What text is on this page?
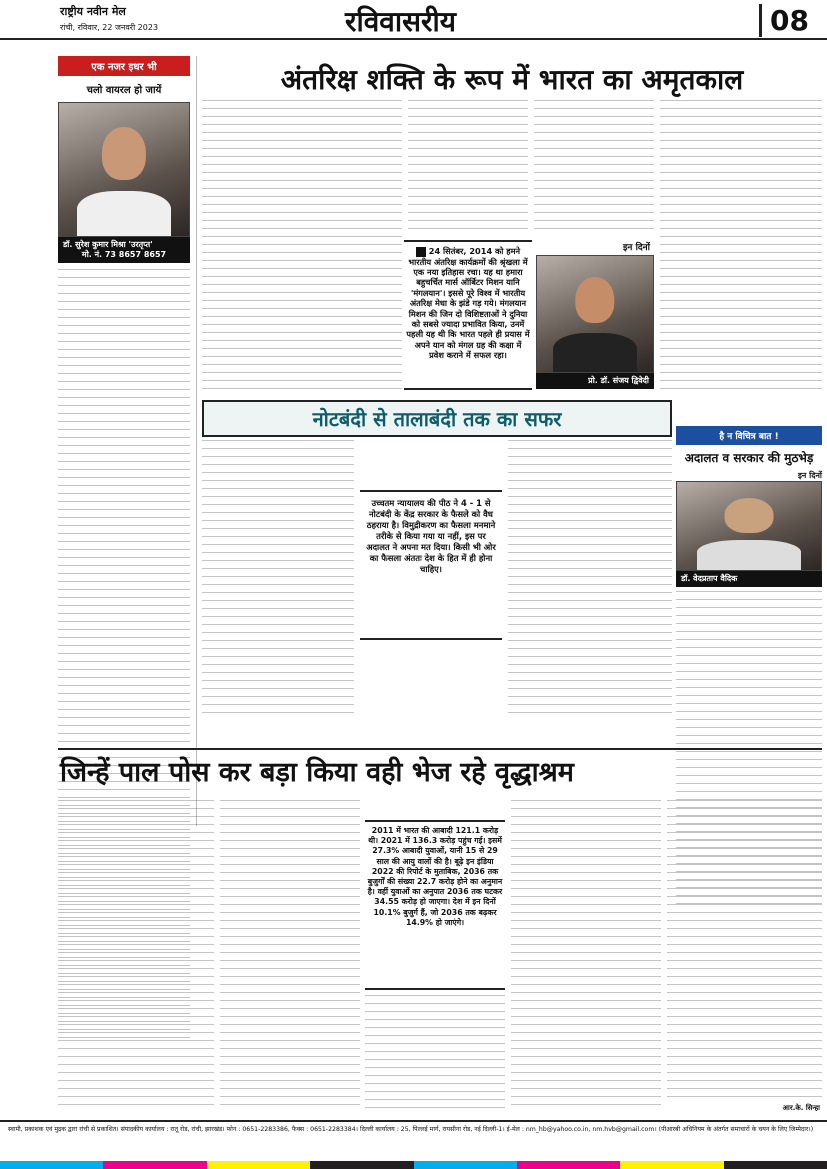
राष्ट्रीय नवीन मेल
रांची, रविवार, 22 जनवरी 2023	रविवासरीय	08
एक नजर इधर भी
चलो वायरल हो जायें
डॉ. सुरेश कुमार मिश्रा 'उरतृप्त'
मो. नं. 73 8657 8657
अंतरिक्ष शक्ति के रूप में भारत का अमृतकाल
24 सितंबर, 2014 को हमने भारतीय अंतरिक्ष कार्यक्रमों की श्रृंखला में एक नया इतिहास रचा। यह था हमारा बहुचर्चित मार्स ऑर्बिटर मिशन यानि 'मंगलयान'। इससे पूरे विश्व में भारतीय अंतरिक्ष मेधा के झंडे गड़ गये। मंगलयान मिशन की जिन दो विशिष्टताओं ने दुनिया को सबसे ज्यादा प्रभावित किया, उनमें पहली यह थी कि भारत पहले ही प्रयास में अपने यान को मंगल ग्रह की कक्षा में प्रवेश कराने में सफल रहा।
इन दिनों
प्रो. डॉ. संजय द्विवेदी
नोटबंदी से तालाबंदी तक का सफर
उच्चतम न्यायालय की पीठ ने 4 - 1 से नोटबंदी के केंद्र सरकार के फैसले को वैध ठहराया है। विमुद्रीकरण का फैसला मनमाने तरीके से किया गया या नहीं, इस पर अदालत ने अपना मत दिया। किसी भी ओर का फैसला अंततः देश के हित में ही होना चाहिए।
है न विचित्र बात !
अदालत व सरकार की मुठभेड़
इन दिनों
डॉ. वेदप्रताप वैदिक
जिन्हें पाल पोस कर बड़ा किया वही भेज रहे वृद्धाश्रम
2011 में भारत की आबादी 121.1 करोड़ थी। 2021 में 136.3 करोड़ पहुंच गई। इसमें 27.3% आबादी युवाओं, यानी 15 से 29 साल की आयु वालों की है। बूढ़े इन इंडिया 2022 की रिपोर्ट के मुताबिक, 2036 तक बुजुर्गों की संख्या 22.7 करोड़ होने का अनुमान है। वहीं युवाओं का अनुपात 2036 तक घटकर 34.55 करोड़ हो जाएगा। देश में इन दिनों 10.1% बुजुर्ग हैं, जो 2036 तक बढ़कर 14.9% हो जाएंगे।
आर.के. सिन्हा

स्वामी, प्रकाशक एवं मुद्रक द्वारा रांची से प्रकाशित। संपादकीय कार्यालय : रातू रोड, रांची, झारखंड। फोन : 0651-2283386, फैक्स : 0651-2283384। दिल्ली कार्यालय : 25, पिल्लई मार्ग, रायसीना रोड, नई दिल्ली-1। ई-मेल : nm_hb@yahoo.co.in, nm.hvb@gmail.com। (पीआरबी अधिनियम के अंतर्गत समाचारों के चयन के लिए जिम्मेदार।)
